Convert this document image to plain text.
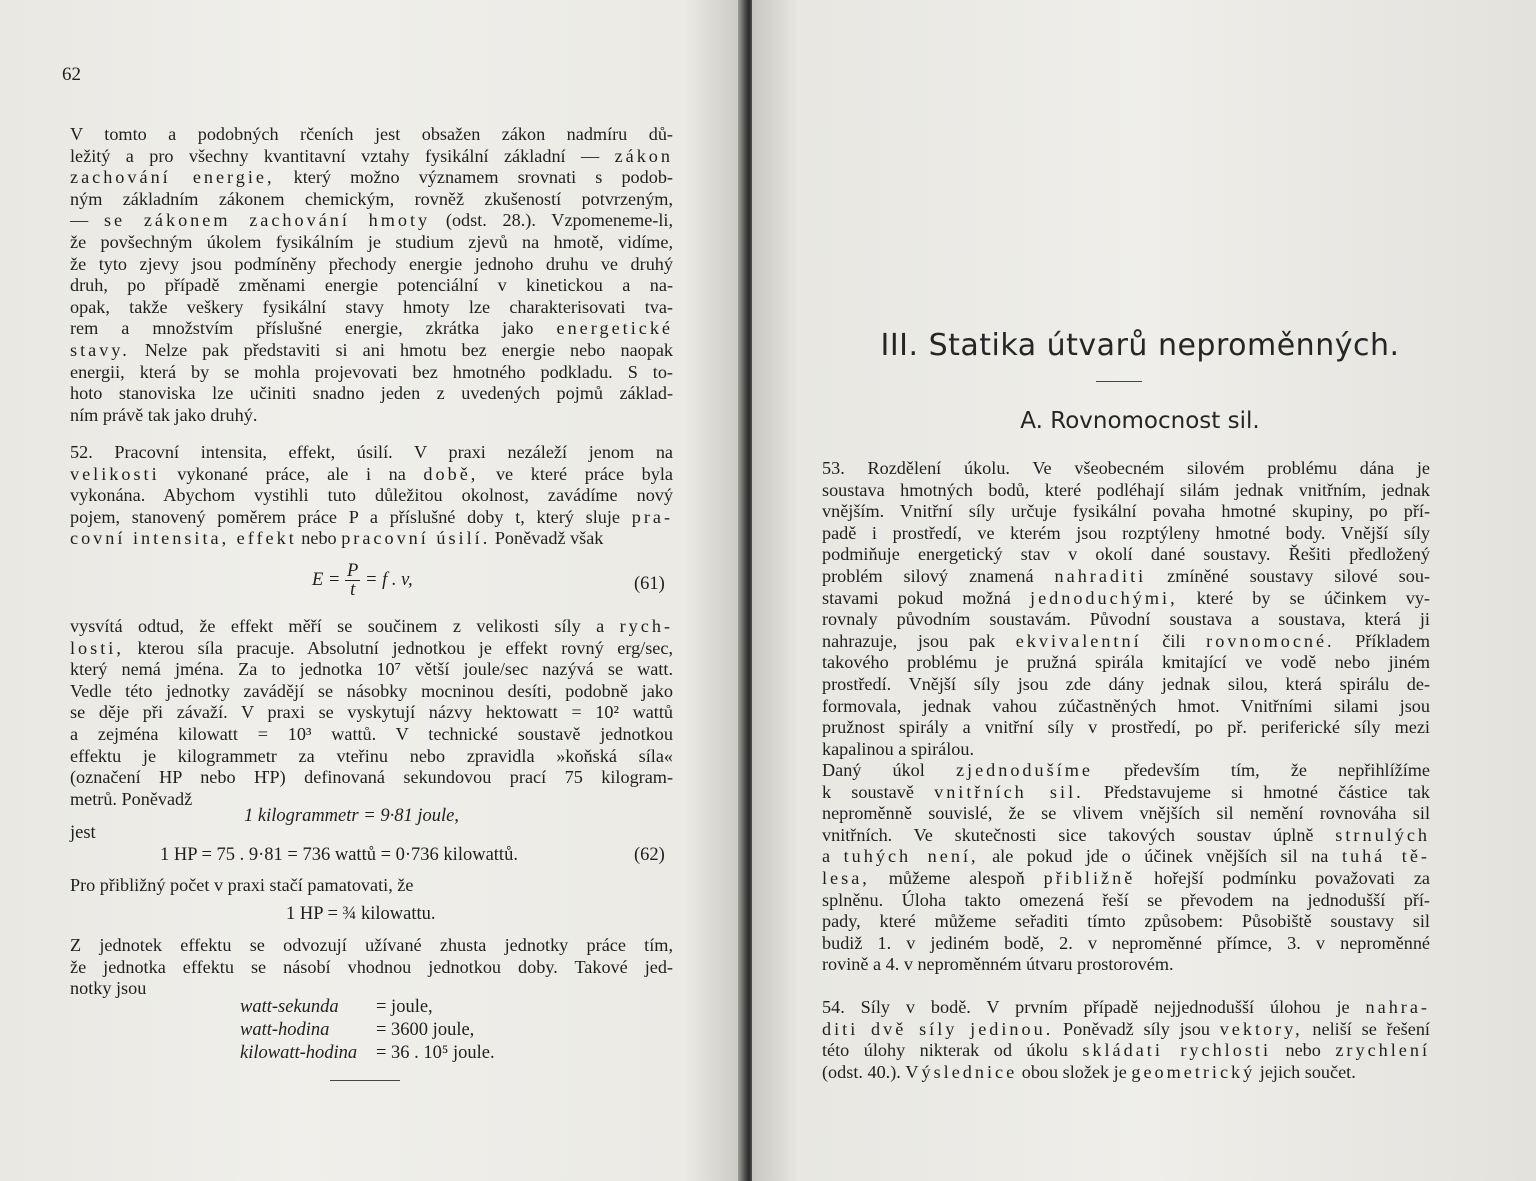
62
V tomto a podobných rčeních jest obsažen zákon nadmíru dů-
ležitý a pro všechny kvantitavní vztahy fysikální základní — zákon
zachování energie, který možno významem srovnati s podob-
ným základním zákonem chemickým, rovněž zkušeností potvrzeným,
— se zákonem zachování hmoty (odst. 28.). Vzpomeneme-li,
že povšechným úkolem fysikálním je studium zjevů na hmotě, vidíme,
že tyto zjevy jsou podmíněny přechody energie jednoho druhu ve druhý
druh, po případě změnami energie potenciální v kinetickou a na-
opak, takže veškery fysikální stavy hmoty lze charakterisovati tva-
rem a množstvím příslušné energie, zkrátka jako energetické
stavy. Nelze pak představiti si ani hmotu bez energie nebo naopak
energii, která by se mohla projevovati bez hmotného podkladu. S to-
hoto stanoviska lze učiniti snadno jeden z uvedených pojmů základ-
ním právě tak jako druhý.
52. Pracovní intensita, effekt, úsilí. V praxi nezáleží jenom na
velikosti vykonané práce, ale i na době, ve které práce byla
vykonána. Abychom vystihli tuto důležitou okolnost, zavádíme nový
pojem, stanovený poměrem práce P a příslušné doby t, který sluje pra-
covní intensita, effekt nebo pracovní úsilí. Poněvadž však
$E = \frac{P}{t} = f$ . v,	(61)
vysvítá odtud, že effekt měří se součinem z velikosti síly a rych-
losti, kterou síla pracuje. Absolutní jednotkou je effekt rovný erg/sec,
který nemá jména. Za to jednotka 10⁷ větší joule/sec nazývá se watt.
Vedle této jednotky zavádějí se násobky mocninou desíti, podobně jako
se děje při závaží. V praxi se vyskytují názvy hektowatt = 10² wattů
a zejména kilowatt = 10³ wattů. V technické soustavě jednotkou
effektu je kilogrammetr za vteřinu nebo zpravidla »koňská síla«
(označení HP nebo ҤP) definovaná sekundovou prací 75 kilogram-
metrů. Poněvadž
1 kilogrammetr = 9·81 joule,
jest
1 HP = 75 . 9·81 = 736 wattů = 0·736 kilowattů.	(62)
Pro přibližný počet v praxi stačí pamatovati, že
1 HP = ¾ kilowattu.
Z jednotek effektu se odvozují užívané zhusta jednotky práce tím,
že jednotka effektu se násobí vhodnou jednotkou doby. Takové jed-
notky jsou
watt-sekunda	= joule,
watt-hodina	= 3600 joule,
kilowatt-hodina	= 36 . 10⁵ joule.
III. Statika útvarů neproměnných.
A. Rovnomocnost sil.
53. Rozdělení úkolu. Ve všeobecném silovém problému dána je
soustava hmotných bodů, které podléhají silám jednak vnitřním, jednak
vnějším. Vnitřní síly určuje fysikální povaha hmotné skupiny, po pří-
padě i prostředí, ve kterém jsou rozptýleny hmotné body. Vnější síly
podmiňuje energetický stav v okolí dané soustavy. Řešiti předložený
problém silový znamená nahraditi zmíněné soustavy silové sou-
stavami pokud možná jednoduchými, které by se účinkem vy-
rovnaly původním soustavám. Původní soustava a soustava, která ji
nahrazuje, jsou pak ekvivalentní čili rovnomocné. Příkladem
takového problému je pružná spirála kmitající ve vodě nebo jiném
prostředí. Vnější síly jsou zde dány jednak silou, která spirálu de-
formovala, jednak vahou zúčastněných hmot. Vnitřními silami jsou
pružnost spirály a vnitřní síly v prostředí, po př. periferické síly mezi
kapalinou a spirálou.
Daný úkol zjednodušíme především tím, že nepřihlížíme
k soustavě vnitřních sil. Představujeme si hmotné částice tak
neproměnně souvislé, že se vlivem vnějších sil nemění rovnováha sil
vnitřních. Ve skutečnosti sice takových soustav úplně strnulých
a tuhých není, ale pokud jde o účinek vnějších sil na tuhá tě-
lesa, můžeme alespoň přibližně hořejší podmínku považovati za
splněnu. Úloha takto omezená řeší se převodem na jednodušší pří-
pady, které můžeme seřaditi tímto způsobem: Působiště soustavy sil
budiž 1. v jediném bodě, 2. v neproměnné přímce, 3. v neproměnné
rovině a 4. v neproměnném útvaru prostorovém.
54. Síly v bodě. V prvním případě nejjednodušší úlohou je nahra-
diti dvě síly jedinou. Poněvadž síly jsou vektory, neliší se řešení
této úlohy nikterak od úkolu skládati rychlosti nebo zrychlení
(odst. 40.). Výslednice obou složek je geometrický jejich součet.
